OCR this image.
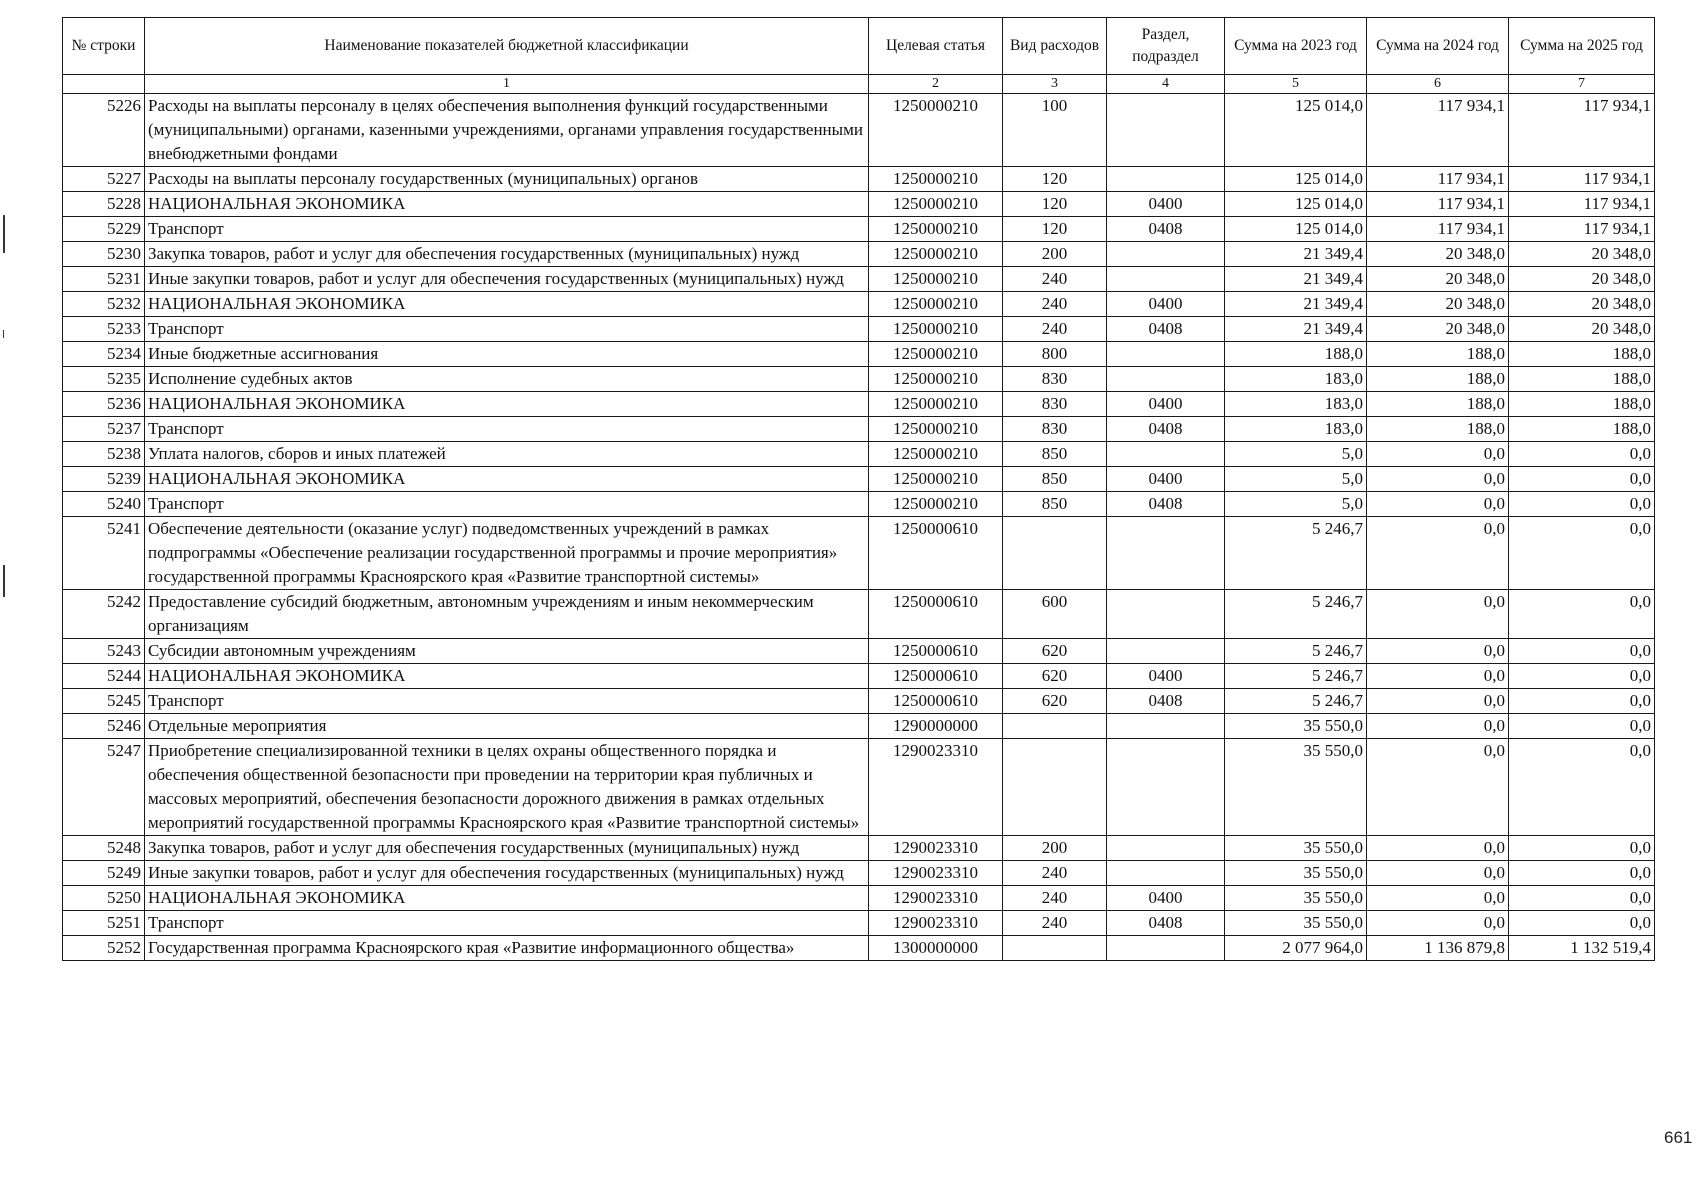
№ строки	Наименование показателей бюджетной классификации	Целевая статья	Вид расходов	Раздел, подраздел	Сумма на 2023 год	Сумма на 2024 год	Сумма на 2025 год
	1	2	3	4	5	6	7
5226	Расходы на выплаты персоналу в целях обеспечения выполнения функций государственными (муниципальными) органами, казенными учреждениями, органами управления государственными внебюджетными фондами	1250000210	100		125 014,0	117 934,1	117 934,1
5227	Расходы на выплаты персоналу государственных (муниципальных) органов	1250000210	120		125 014,0	117 934,1	117 934,1
5228	НАЦИОНАЛЬНАЯ ЭКОНОМИКА	1250000210	120	0400	125 014,0	117 934,1	117 934,1
5229	Транспорт	1250000210	120	0408	125 014,0	117 934,1	117 934,1
5230	Закупка товаров, работ и услуг для обеспечения государственных (муниципальных) нужд	1250000210	200		21 349,4	20 348,0	20 348,0
5231	Иные закупки товаров, работ и услуг для обеспечения государственных (муниципальных) нужд	1250000210	240		21 349,4	20 348,0	20 348,0
5232	НАЦИОНАЛЬНАЯ ЭКОНОМИКА	1250000210	240	0400	21 349,4	20 348,0	20 348,0
5233	Транспорт	1250000210	240	0408	21 349,4	20 348,0	20 348,0
5234	Иные бюджетные ассигнования	1250000210	800		188,0	188,0	188,0
5235	Исполнение судебных актов	1250000210	830		183,0	188,0	188,0
5236	НАЦИОНАЛЬНАЯ ЭКОНОМИКА	1250000210	830	0400	183,0	188,0	188,0
5237	Транспорт	1250000210	830	0408	183,0	188,0	188,0
5238	Уплата налогов, сборов и иных платежей	1250000210	850		5,0	0,0	0,0
5239	НАЦИОНАЛЬНАЯ ЭКОНОМИКА	1250000210	850	0400	5,0	0,0	0,0
5240	Транспорт	1250000210	850	0408	5,0	0,0	0,0
5241	Обеспечение деятельности (оказание услуг) подведомственных учреждений в рамках подпрограммы «Обеспечение реализации государственной программы и прочие мероприятия» государственной программы Красноярского края «Развитие транспортной системы»	1250000610			5 246,7	0,0	0,0
5242	Предоставление субсидий бюджетным, автономным учреждениям и иным некоммерческим организациям	1250000610	600		5 246,7	0,0	0,0
5243	Субсидии автономным учреждениям	1250000610	620		5 246,7	0,0	0,0
5244	НАЦИОНАЛЬНАЯ ЭКОНОМИКА	1250000610	620	0400	5 246,7	0,0	0,0
5245	Транспорт	1250000610	620	0408	5 246,7	0,0	0,0
5246	Отдельные мероприятия	1290000000			35 550,0	0,0	0,0
5247	Приобретение специализированной техники в целях охраны общественного порядка и обеспечения общественной безопасности при проведении на территории края публичных и массовых мероприятий, обеспечения безопасности дорожного движения в рамках отдельных мероприятий государственной программы Красноярского края «Развитие транспортной системы»	1290023310			35 550,0	0,0	0,0
5248	Закупка товаров, работ и услуг для обеспечения государственных (муниципальных) нужд	1290023310	200		35 550,0	0,0	0,0
5249	Иные закупки товаров, работ и услуг для обеспечения государственных (муниципальных) нужд	1290023310	240		35 550,0	0,0	0,0
5250	НАЦИОНАЛЬНАЯ ЭКОНОМИКА	1290023310	240	0400	35 550,0	0,0	0,0
5251	Транспорт	1290023310	240	0408	35 550,0	0,0	0,0
5252	Государственная программа Красноярского края «Развитие информационного общества»	1300000000			2 077 964,0	1 136 879,8	1 132 519,4
661
